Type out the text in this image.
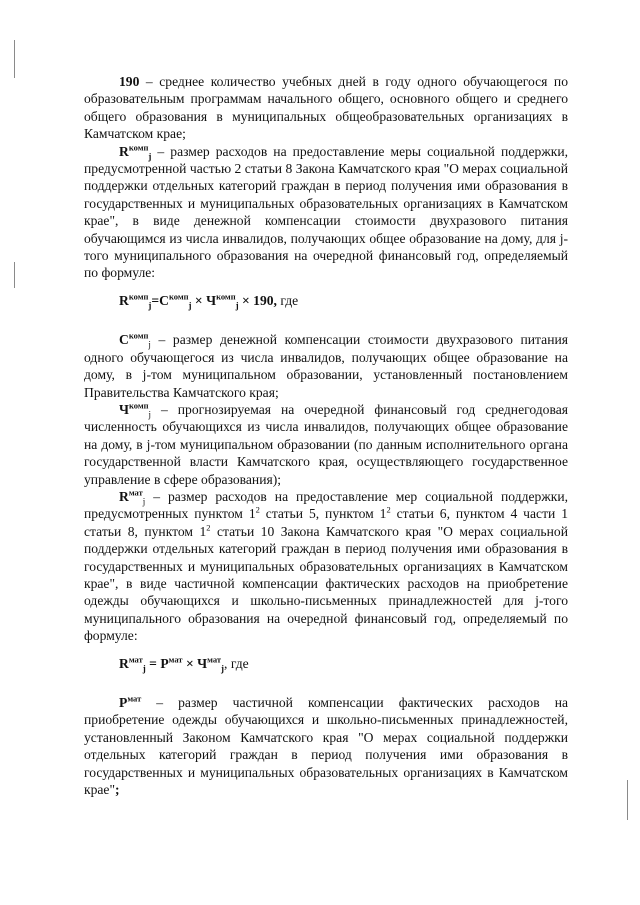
190 – среднее количество учебных дней в году одного обучающегося по образовательным программам начального общего, основного общего и среднего общего образования в муниципальных общеобразовательных организациях в Камчатском крае;

$R^{комп}_j$ – размер расходов на предоставление меры социальной поддержки, предусмотренной частью 2 статьи 8 Закона Камчатского края "О мерах социальной поддержки отдельных категорий граждан в период получения ими образования в государственных и муниципальных образовательных организациях в Камчатском крае", в виде денежной компенсации стоимости двухразового питания обучающимся из числа инвалидов, получающих общее образование на дому, для j-того муниципального образования на очередной финансовый год, определяемый по формуле:

$R^{комп}_j=C^{комп}_j \times Ч^{комп}_j \times 190$, где

$C^{комп}_j$ – размер денежной компенсации стоимости двухразового питания одного обучающегося из числа инвалидов, получающих общее образование на дому, в j-том муниципальном образовании, установленный постановлением Правительства Камчатского края;

$Ч^{комп}_j$ – прогнозируемая на очередной финансовый год среднегодовая численность обучающихся из числа инвалидов, получающих общее образование на дому, в j-том муниципальном образовании (по данным исполнительного органа государственной власти Камчатского края, осуществляющего государственное управление в сфере образования);

$R^{мат}_j$ – размер расходов на предоставление мер социальной поддержки, предусмотренных пунктом $1^2$ статьи 5, пунктом $1^2$ статьи 6, пунктом 4 части 1 статьи 8, пунктом $1^2$ статьи 10 Закона Камчатского края "О мерах социальной поддержки отдельных категорий граждан в период получения ими образования в государственных и муниципальных образовательных организациях в Камчатском крае", в виде частичной компенсации фактических расходов на приобретение одежды обучающихся и школьно-письменных принадлежностей для j-того муниципального образования на очередной финансовый год, определяемый по формуле:

$R^{мат}_j = P^{мат} \times Ч^{мат}_j$, где

$P^{мат}$ – размер частичной компенсации фактических расходов на приобретение одежды обучающихся и школьно-письменных принадлежностей, установленный Законом Камчатского края "О мерах социальной поддержки отдельных категорий граждан в период получения ими образования в государственных и муниципальных образовательных организациях в Камчатском крае";
